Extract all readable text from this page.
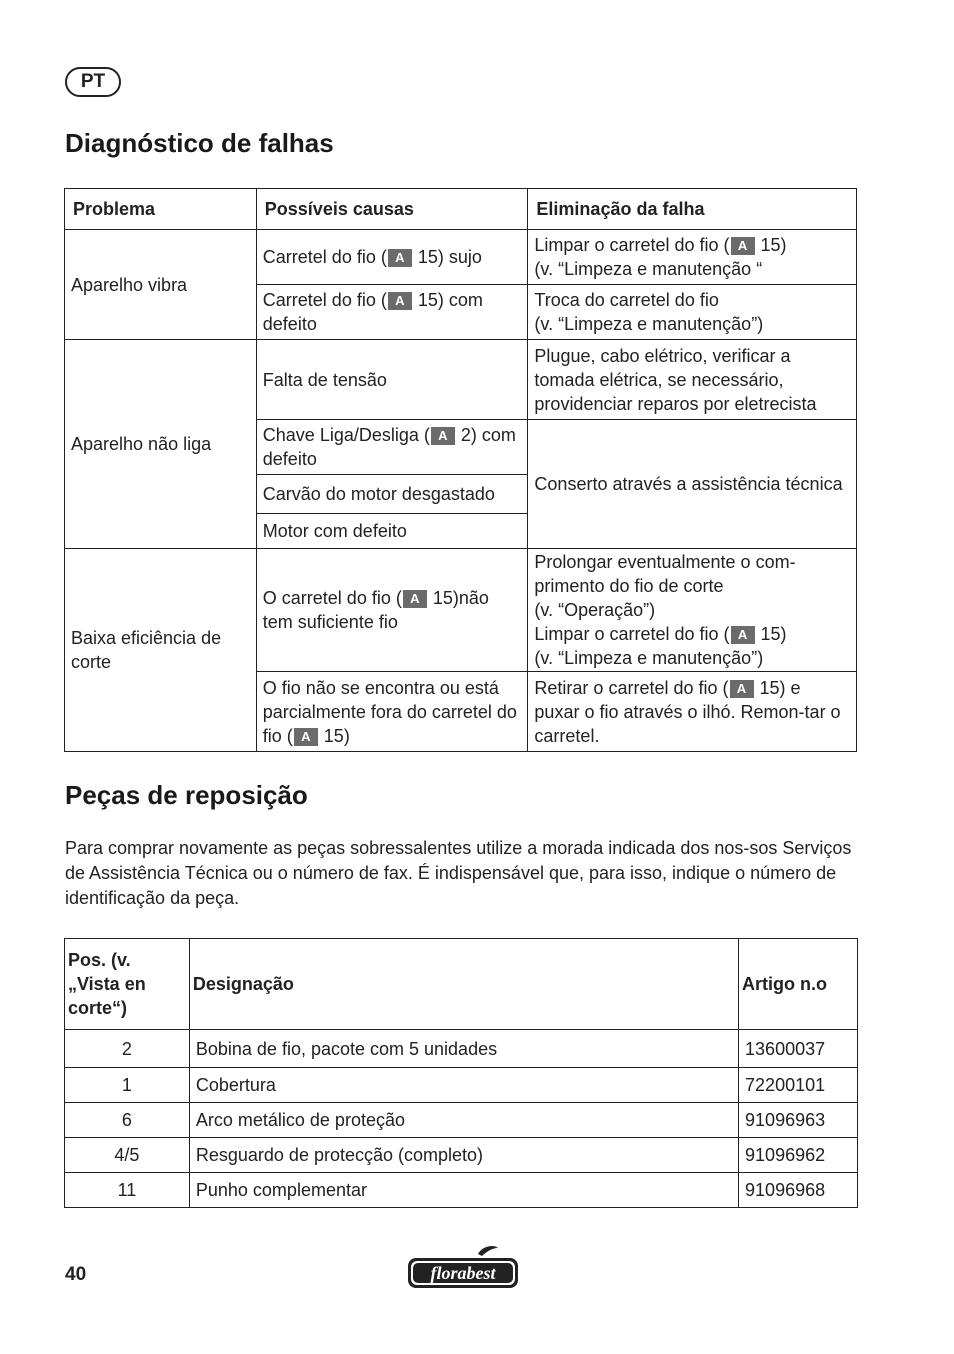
PT
Diagnóstico de falhas
Problema	Possíveis causas	Eliminação da falha
Aparelho vibra	Carretel do fio ( A 15) sujo	Limpar o carretel do fio ( A 15)
(v. “Limpeza e manutenção “
	Carretel do fio ( A 15) com defeito	Troca do carretel do fio
(v. “Limpeza e manutenção”)
Aparelho não liga	Falta de tensão	Plugue, cabo elétrico, verificar a tomada elétrica, se necessário, providenciar reparos por eletrecista
	Chave Liga/Desliga ( A 2) com defeito	Conserto através a assistência técnica
	Carvão do motor desgastado	
	Motor com defeito	
Baixa eficiência de corte	O carretel do fio ( A 15)não tem suficiente fio	Prolongar eventualmente o com-
primento do fio de corte
(v. “Operação”)
Limpar o carretel do fio ( A 15)
(v. “Limpeza e manutenção”)
	O fio não se encontra ou está parcialmente fora do carretel do fio ( A 15)	Retirar o carretel do fio ( A 15) e puxar o fio através o ilhó. Remon-tar o carretel.
Peças de reposição

Para comprar novamente as peças sobressalentes utilize a morada indicada dos nos-sos Serviços de Assistência Técnica ou o número de fax. É indispensável que, para isso, indique o número de identificação da peça.

Pos. (v. „Vista en corte“)	Designação	Artigo n.o
2	Bobina de fio, pacote com 5 unidades	13600037
1	Cobertura	72200101
6	Arco metálico de proteção	91096963
4/5	Resguardo de protecção (completo)	91096962
11	Punho complementar	91096968
40	florabest
